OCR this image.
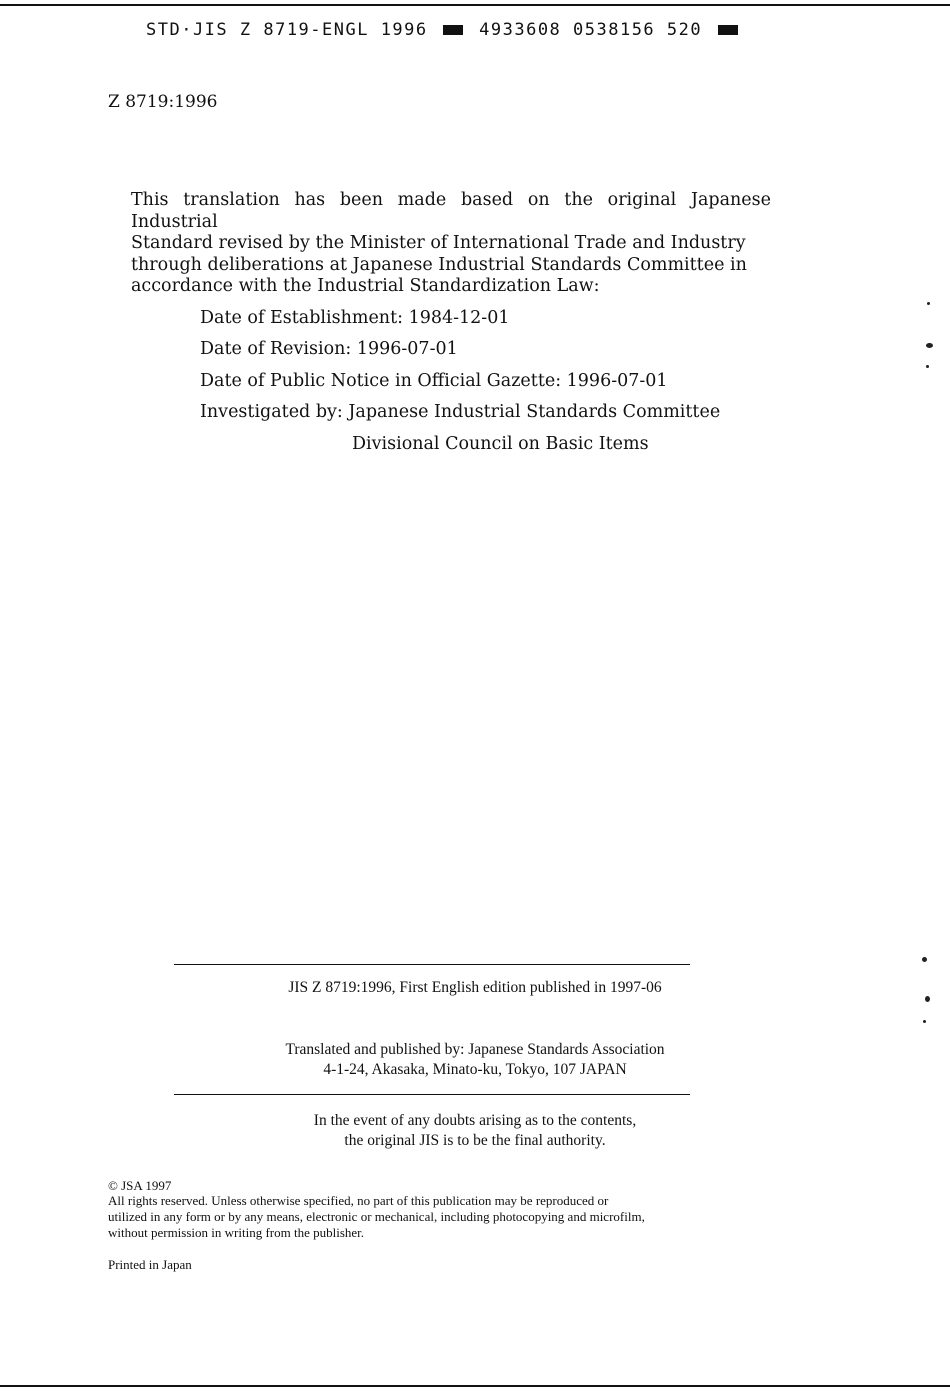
STD·JIS Z 8719-ENGL 1996	4933608 0538156 520
Z 8719:1996
This translation has been made based on the original Japanese Industrial
Standard revised by the Minister of International Trade and Industry
through deliberations at Japanese Industrial Standards Committee in
accordance with the Industrial Standardization Law:
Date of Establishment: 1984-12-01
Date of Revision: 1996-07-01
Date of Public Notice in Official Gazette: 1996-07-01
Investigated by: Japanese Industrial Standards Committee
Divisional Council on Basic Items
JIS Z 8719:1996, First English edition published in 1997-06
Translated and published by: Japanese Standards Association
4-1-24, Akasaka, Minato-ku, Tokyo, 107 JAPAN
In the event of any doubts arising as to the contents,
the original JIS is to be the final authority.
© JSA 1997
All rights reserved. Unless otherwise specified, no part of this publication may be reproduced or
utilized in any form or by any means, electronic or mechanical, including photocopying and microfilm,
without permission in writing from the publisher.
Printed in Japan
